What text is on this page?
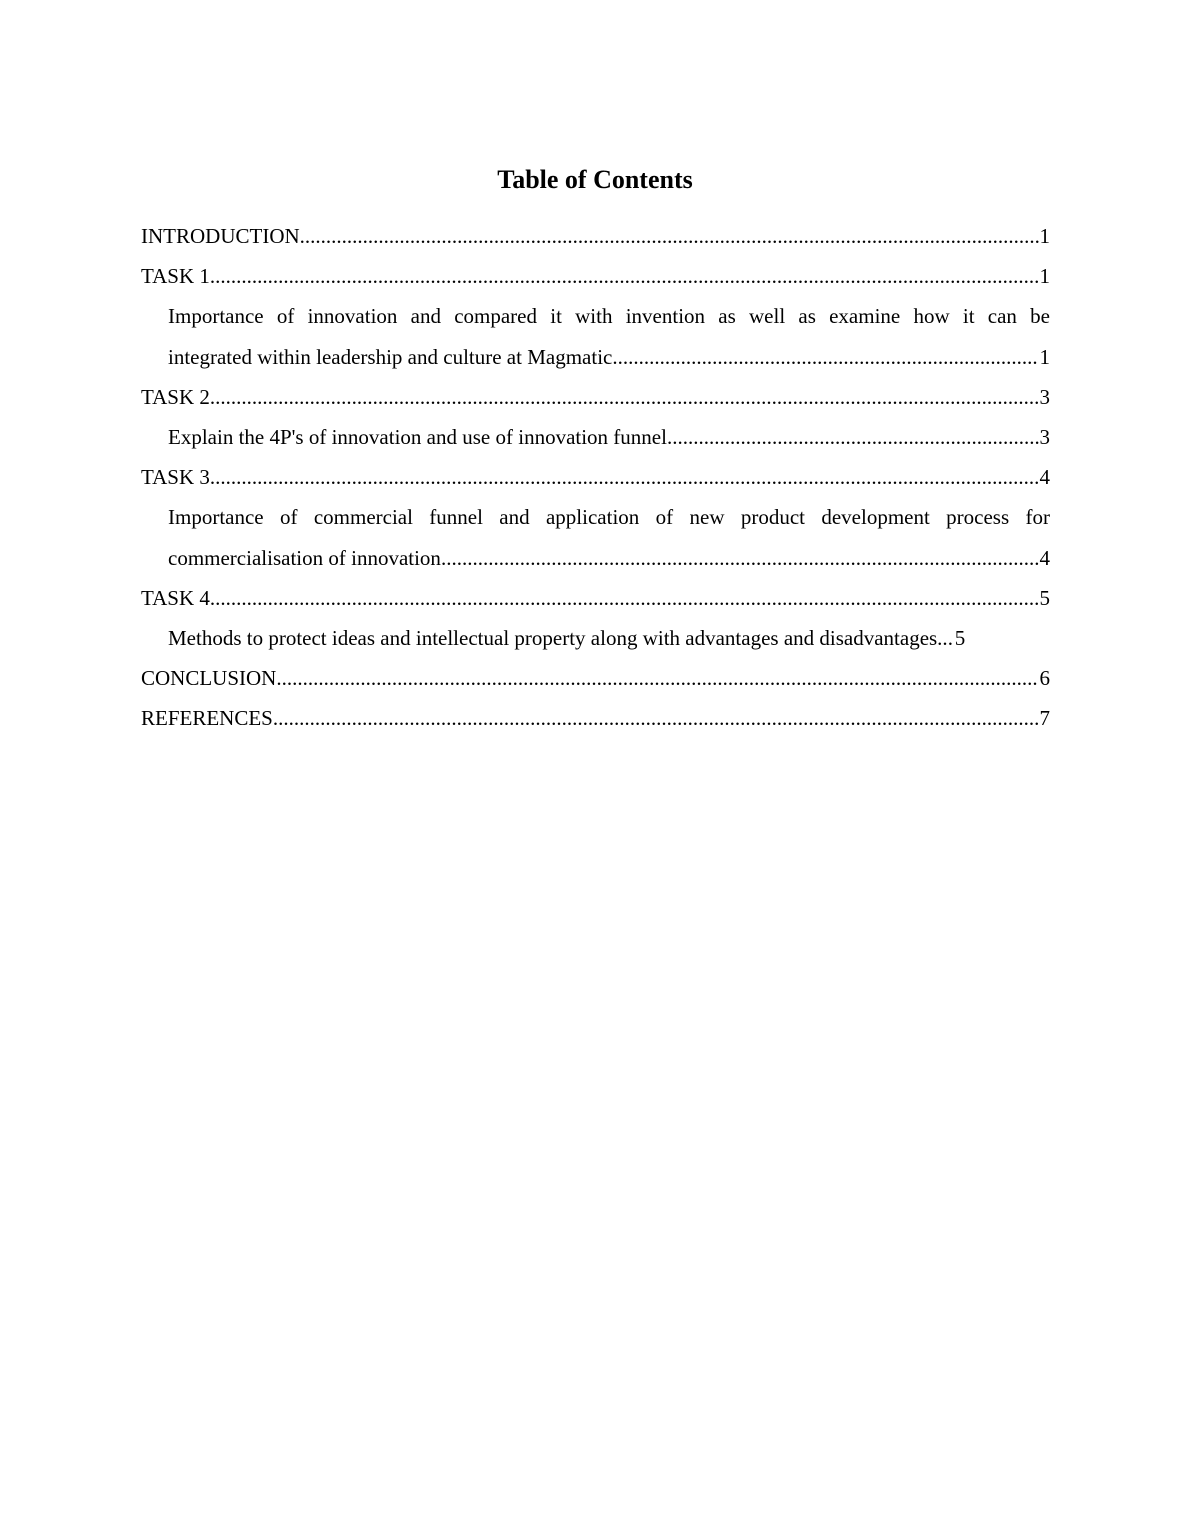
Table of Contents
INTRODUCTION .....	1
TASK 1 .....	1
Importance of innovation and compared it with invention as well as examine how it can be
integrated within leadership and culture at Magmatic .....	1
TASK 2 .....	3
Explain the 4P's of innovation and use of innovation funnel .....	3
TASK 3 .....	4
Importance of commercial funnel and application of new product development process for
commercialisation of innovation .....	4
TASK 4 .....	5
Methods to protect ideas and intellectual property along with advantages and disadvantages.. ..... 5
CONCLUSION .....	6
REFERENCES .....	7
